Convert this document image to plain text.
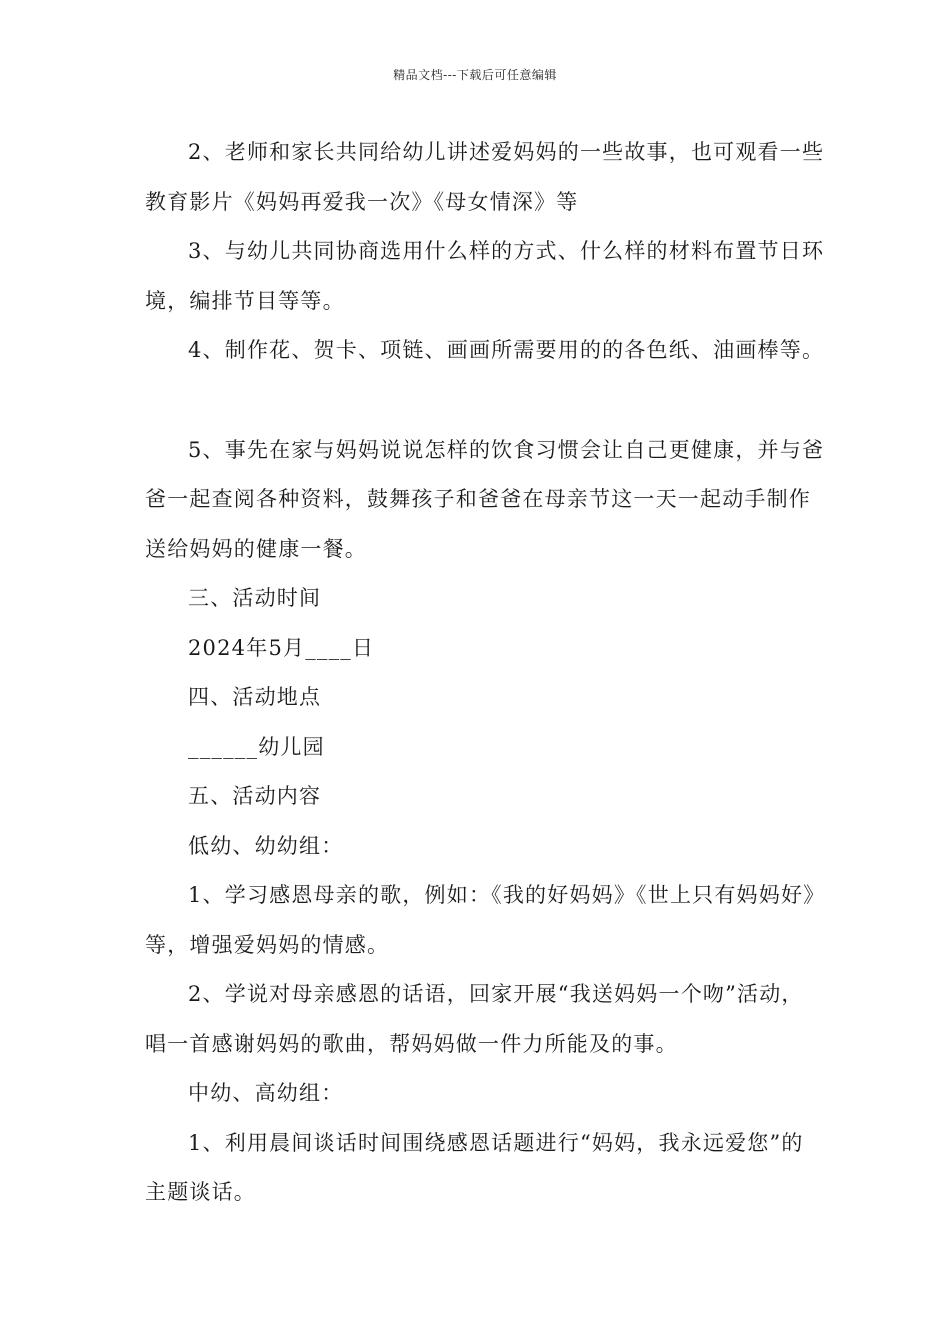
精品文档---下载后可任意编辑

2、老师和家长共同给幼儿讲述爱妈妈的一些故事，也可观看一些教育影片《妈妈再爱我一次》《母女情深》等

3、与幼儿共同协商选用什么样的方式、什么样的材料布置节日环境，编排节目等等。

4、制作花、贺卡、项链、画画所需要用的的各色纸、油画棒等。

5、事先在家与妈妈说说怎样的饮食习惯会让自己更健康，并与爸爸一起查阅各种资料，鼓舞孩子和爸爸在母亲节这一天一起动手制作送给妈妈的健康一餐。

三、活动时间

2024年5月____日

四、活动地点

______幼儿园

五、活动内容

低幼、幼幼组：

1、学习感恩母亲的歌，例如：《我的好妈妈》《世上只有妈妈好》等，增强爱妈妈的情感。

2、学说对母亲感恩的话语，回家开展“我送妈妈一个吻”活动，唱一首感谢妈妈的歌曲，帮妈妈做一件力所能及的事。

中幼、高幼组：

1、利用晨间谈话时间围绕感恩话题进行“妈妈，我永远爱您”的主题谈话。
